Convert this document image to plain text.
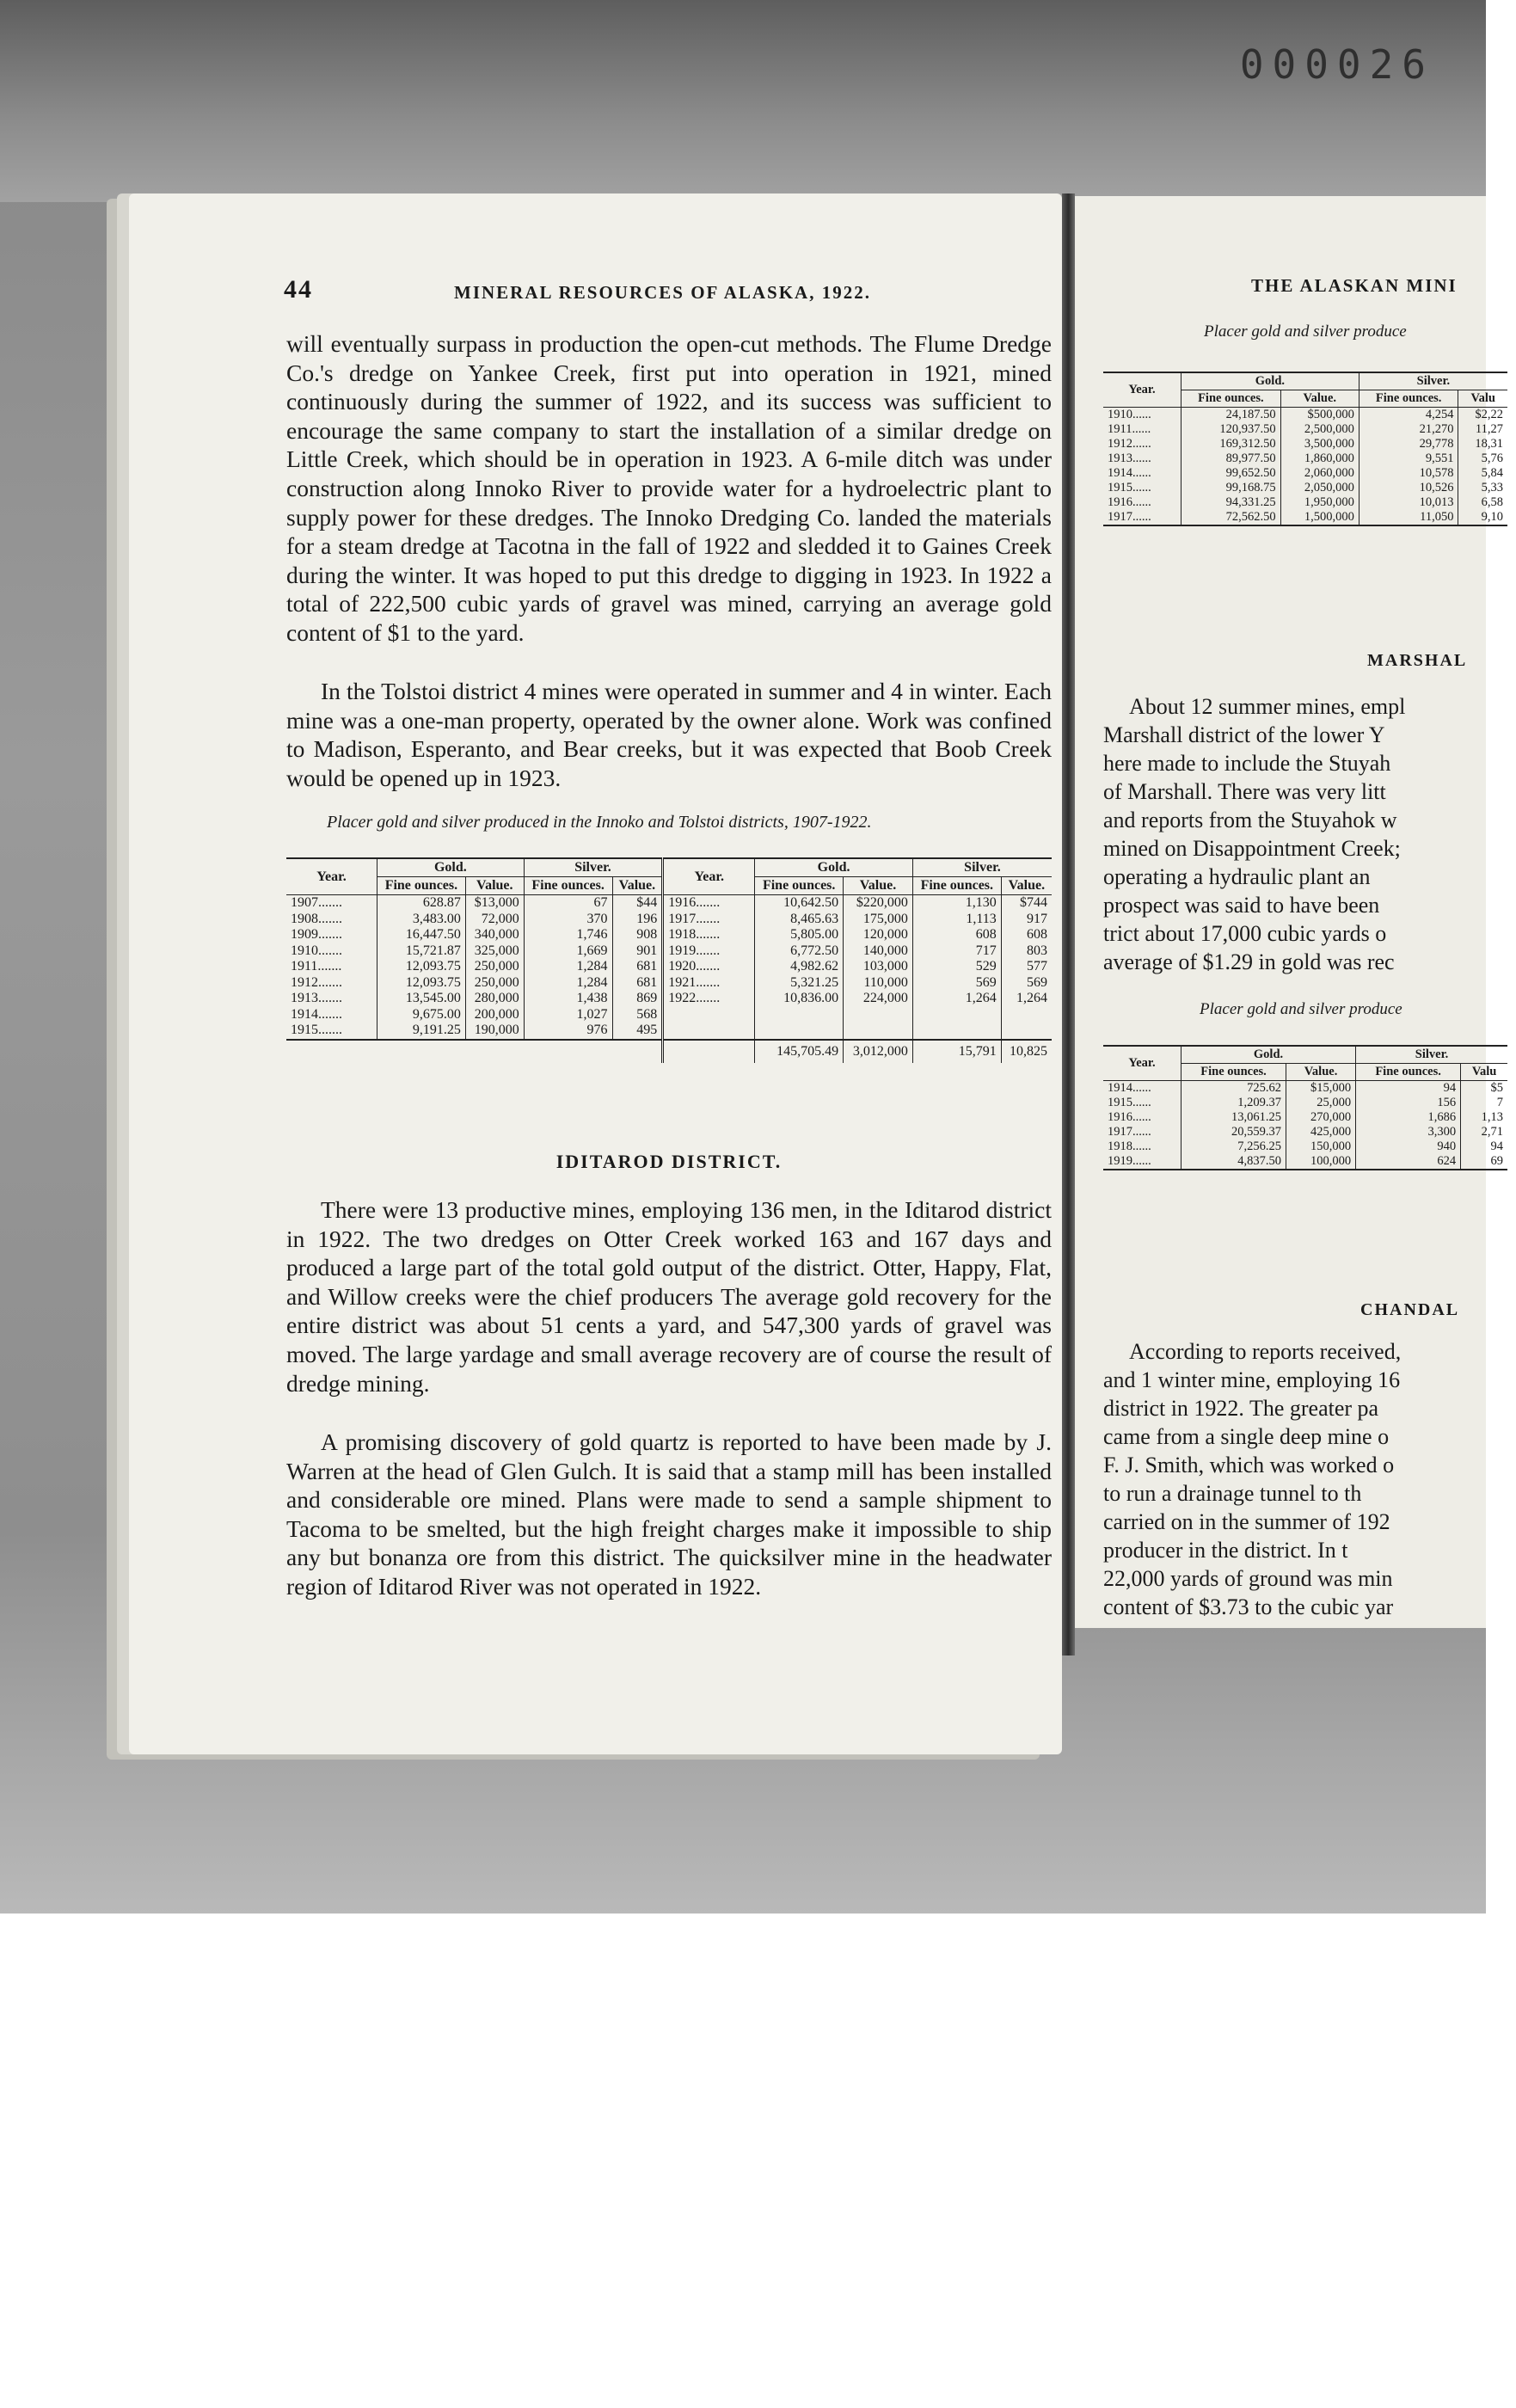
000026
44	MINERAL RESOURCES OF ALASKA, 1922.

will eventually surpass in production the open-cut methods. The Flume Dredge Co.'s dredge on Yankee Creek, first put into operation in 1921, mined continuously during the summer of 1922, and its success was sufficient to encourage the same company to start the installation of a similar dredge on Little Creek, which should be in operation in 1923. A 6-mile ditch was under construction along Innoko River to provide water for a hydroelectric plant to supply power for these dredges. The Innoko Dredging Co. landed the materials for a steam dredge at Tacotna in the fall of 1922 and sledded it to Gaines Creek during the winter. It was hoped to put this dredge to digging in 1923. In 1922 a total of 222,500 cubic yards of gravel was mined, carrying an average gold content of $1 to the yard.

In the Tolstoi district 4 mines were operated in summer and 4 in winter. Each mine was a one-man property, operated by the owner alone. Work was confined to Madison, Esperanto, and Bear creeks, but it was expected that Boob Creek would be opened up in 1923.

Placer gold and silver produced in the Innoko and Tolstoi districts, 1907-1922.
Year.	Gold.		Silver.		Year.	Gold.		Silver.	
	Fine ounces.	Value.	Fine ounces.	Value.		Fine ounces.	Value.	Fine ounces.	Value.
1907.......	628.87	$13,000	67	$44	1916.......	10,642.50	$220,000	1,130	$744
1908.......	3,483.00	72,000	370	196	1917.......	8,465.63	175,000	1,113	917
1909.......	16,447.50	340,000	1,746	908	1918.......	5,805.00	120,000	608	608
1910.......	15,721.87	325,000	1,669	901	1919.......	6,772.50	140,000	717	803
1911.......	12,093.75	250,000	1,284	681	1920.......	4,982.62	103,000	529	577
1912.......	12,093.75	250,000	1,284	681	1921.......	5,321.25	110,000	569	569
1913.......	13,545.00	280,000	1,438	869	1922.......	10,836.00	224,000	1,264	1,264
1914.......	9,675.00	200,000	1,027	568					
1915.......	9,191.25	190,000	976	495					
						145,705.49	3,012,000	15,791	10,825
IDITAROD DISTRICT.

There were 13 productive mines, employing 136 men, in the Iditarod district in 1922. The two dredges on Otter Creek worked 163 and 167 days and produced a large part of the total gold output of the district. Otter, Happy, Flat, and Willow creeks were the chief producers The average gold recovery for the entire district was about 51 cents a yard, and 547,300 yards of gravel was moved. The large yardage and small average recovery are of course the result of dredge mining.

A promising discovery of gold quartz is reported to have been made by J. Warren at the head of Glen Gulch. It is said that a stamp mill has been installed and considerable ore mined. Plans were made to send a sample shipment to Tacoma to be smelted, but the high freight charges make it impossible to ship any but bonanza ore from this district. The quicksilver mine in the headwater region of Iditarod River was not operated in 1922.

THE ALASKAN MINI
Placer gold and silver produce
Year.	Gold.		Silver.	
	Fine ounces.	Value.	Fine ounces.	Valu
1910......	24,187.50	$500,000	4,254	$2,22
1911......	120,937.50	2,500,000	21,270	11,27
1912......	169,312.50	3,500,000	29,778	18,31
1913......	89,977.50	1,860,000	9,551	5,76
1914......	99,652.50	2,060,000	10,578	5,84
1915......	99,168.75	2,050,000	10,526	5,33
1916......	94,331.25	1,950,000	10,013	6,58
1917......	72,562.50	1,500,000	11,050	9,10
MARSHAL
About 12 summer mines, empl
Marshall district of the lower Y
here made to include the Stuyah
of Marshall. There was very litt
and reports from the Stuyahok w
mined on Disappointment Creek;
operating a hydraulic plant an
prospect was said to have been
trict about 17,000 cubic yards o
average of $1.29 in gold was rec
Placer gold and silver produce
Year.	Gold.		Silver.	
	Fine ounces.	Value.	Fine ounces.	Valu
1914......	725.62	$15,000	94	$5
1915......	1,209.37	25,000	156	7
1916......	13,061.25	270,000	1,686	1,13
1917......	20,559.37	425,000	3,300	2,71
1918......	7,256.25	150,000	940	94
1919......	4,837.50	100,000	624	69
CHANDAL
According to reports received,
and 1 winter mine, employing 16
district in 1922. The greater pa
came from a single deep mine o
F. J. Smith, which was worked o
to run a drainage tunnel to th
carried on in the summer of 192
producer in the district. In t
22,000 yards of ground was min
content of $3.73 to the cubic yar
